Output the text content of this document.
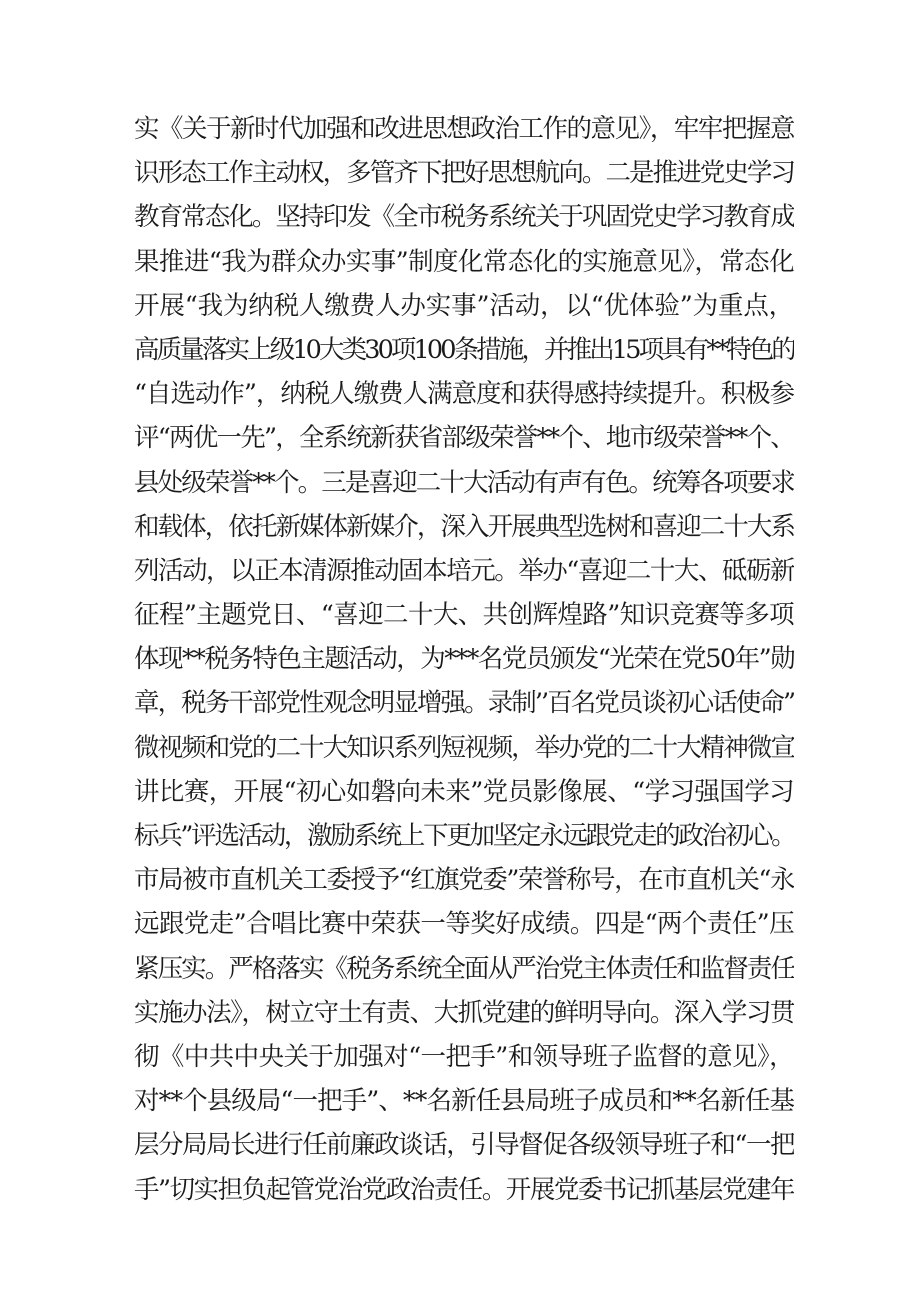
实《关于新时代加强和改进思想政治工作的意见》，牢牢把握意
识形态工作主动权，多管齐下把好思想航向。二是推进党史学习
教育常态化。坚持印发《全市税务系统关于巩固党史学习教育成
果推进“我为群众办实事”制度化常态化的实施意见》，常态化
开展“我为纳税人缴费人办实事”活动，以“优体验”为重点，
高质量落实上级10大类30项100条措施，并推出15项具有**特色的
“自选动作”，纳税人缴费人满意度和获得感持续提升。积极参
评“两优一先”，全系统新获省部级荣誉**个、地市级荣誉**个、
县处级荣誉**个。三是喜迎二十大活动有声有色。统筹各项要求
和载体，依托新媒体新媒介，深入开展典型选树和喜迎二十大系
列活动，以正本清源推动固本培元。举办“喜迎二十大、砥砺新
征程”主题党日、“喜迎二十大、共创辉煌路”知识竞赛等多项
体现**税务特色主题活动，为***名党员颁发“光荣在党50年”勋
章，税务干部党性观念明显增强。录制’’百名党员谈初心话使命”
微视频和党的二十大知识系列短视频，举办党的二十大精神微宣
讲比赛，开展“初心如磐向未来”党员影像展、“学习强国学习
标兵”评选活动，激励系统上下更加坚定永远跟党走的政治初心。
市局被市直机关工委授予“红旗党委”荣誉称号，在市直机关“永
远跟党走”合唱比赛中荣获一等奖好成绩。四是“两个责任”压
紧压实。严格落实《税务系统全面从严治党主体责任和监督责任
实施办法》，树立守土有责、大抓党建的鲜明导向。深入学习贯
彻《中共中央关于加强对“一把手”和领导班子监督的意见》，
对**个县级局“一把手”、**名新任县局班子成员和**名新任基
层分局局长进行任前廉政谈话，引导督促各级领导班子和“一把
手”切实担负起管党治党政治责任。开展党委书记抓基层党建年
